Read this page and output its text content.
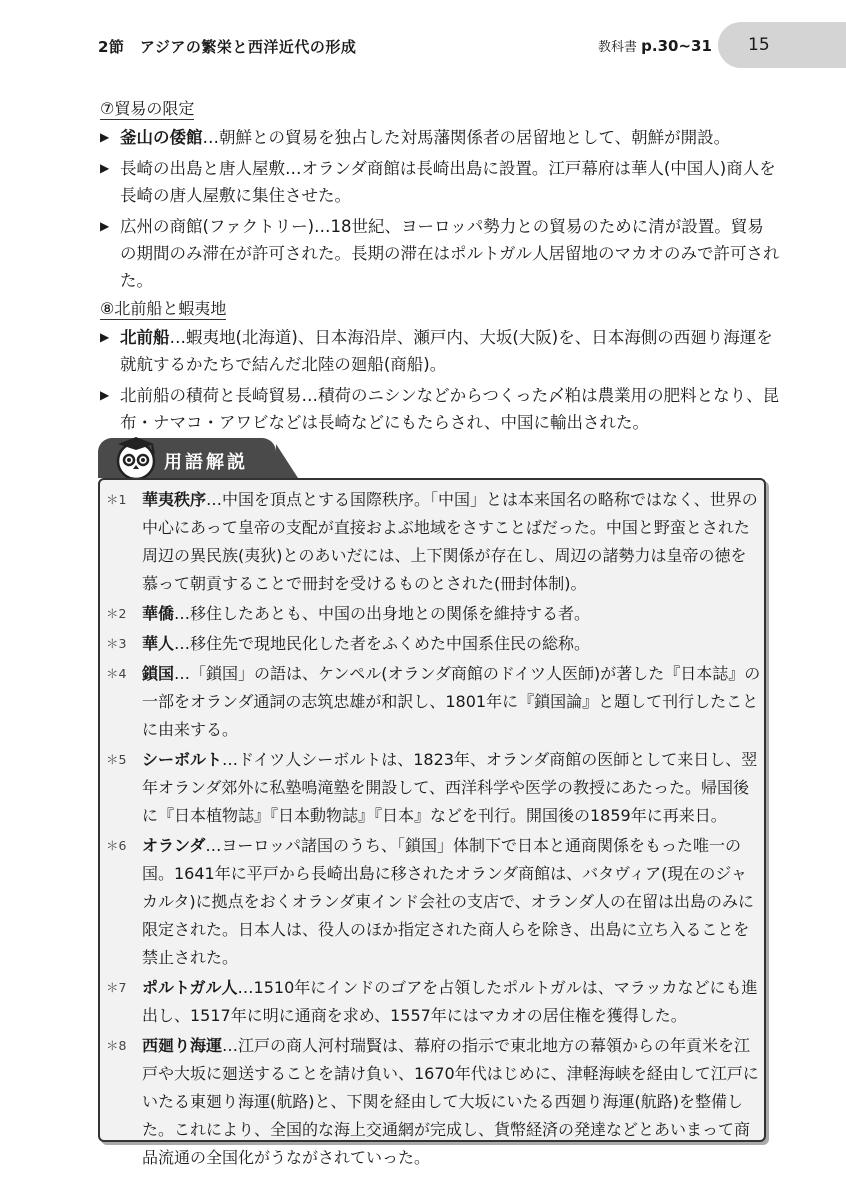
2節　アジアの繁栄と西洋近代の形成	教科書 p.30~31 15
⑦貿易の限定
▶ 釜山の倭館…朝鮮との貿易を独占した対馬藩関係者の居留地として、朝鮮が開設。
▶ 長崎の出島と唐人屋敷…オランダ商館は長崎出島に設置。江戸幕府は華人(中国人)商人を長崎の唐人屋敷に集住させた。
▶ 広州の商館(ファクトリー)…18世紀、ヨーロッパ勢力との貿易のために清が設置。貿易の期間のみ滞在が許可された。長期の滞在はポルトガル人居留地のマカオのみで許可された。
⑧北前船と蝦夷地
▶ 北前船…蝦夷地(北海道)、日本海沿岸、瀬戸内、大坂(大阪)を、日本海側の西廻り海運を就航するかたちで結んだ北陸の廻船(商船)。
▶ 北前船の積荷と長崎貿易…積荷のニシンなどからつくった〆粕は農業用の肥料となり、昆布・ナマコ・アワビなどは長崎などにもたらされ、中国に輸出された。
用語解説
＊1 華夷秩序…中国を頂点とする国際秩序。「中国」とは本来国名の略称ではなく、世界の中心にあって皇帝の支配が直接およぶ地域をさすことばだった。中国と野蛮とされた周辺の異民族(夷狄)とのあいだには、上下関係が存在し、周辺の諸勢力は皇帝の徳を慕って朝貢することで冊封を受けるものとされた(冊封体制)。
＊2 華僑…移住したあとも、中国の出身地との関係を維持する者。
＊3 華人…移住先で現地民化した者をふくめた中国系住民の総称。
＊4 鎖国…「鎖国」の語は、ケンペル(オランダ商館のドイツ人医師)が著した『日本誌』の一部をオランダ通詞の志筑忠雄が和訳し、1801年に『鎖国論』と題して刊行したことに由来する。
＊5 シーボルト…ドイツ人シーボルトは、1823年、オランダ商館の医師として来日し、翌年オランダ郊外に私塾鳴滝塾を開設して、西洋科学や医学の教授にあたった。帰国後に『日本植物誌』『日本動物誌』『日本』などを刊行。開国後の1859年に再来日。
＊6 オランダ…ヨーロッパ諸国のうち、「鎖国」体制下で日本と通商関係をもった唯一の国。1641年に平戸から長崎出島に移されたオランダ商館は、バタヴィア(現在のジャカルタ)に拠点をおくオランダ東インド会社の支店で、オランダ人の在留は出島のみに限定された。日本人は、役人のほか指定された商人らを除き、出島に立ち入ることを禁止された。
＊7 ポルトガル人…1510年にインドのゴアを占領したポルトガルは、マラッカなどにも進出し、1517年に明に通商を求め、1557年にはマカオの居住権を獲得した。
＊8 西廻り海運…江戸の商人河村瑞賢は、幕府の指示で東北地方の幕領からの年貢米を江戸や大坂に廻送することを請け負い、1670年代はじめに、津軽海峡を経由して江戸にいたる東廻り海運(航路)と、下関を経由して大坂にいたる西廻り海運(航路)を整備した。これにより、全国的な海上交通網が完成し、貨幣経済の発達などとあいまって商品流通の全国化がうながされていった。
